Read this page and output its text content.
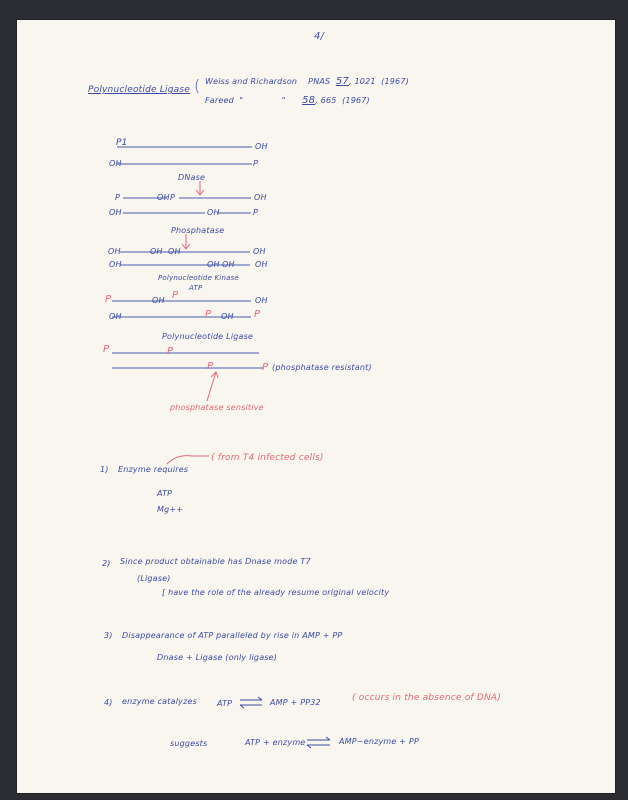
4/
Polynucleotide Ligase ( Weiss and Richardson PNAS 57, 1021 (1967)
Fareed "	" 58, 665 (1967)
P1	OH
OH	P
DNase
P	OH P	OH
OH	OH	P
Phosphatase
OH	OH OH	OH
OH	OH OH	OH
Polynucleotide Kinase
ATP
P	OH P	OH
OH	P OH P
Polynucleotide Ligase
P	P
P	P (phosphatase resistant)
phosphatase sensitive
1) Enzyme requires
( from T4 infected cells)
ATP
Mg++
2) Since product obtainable has Dnase mode T7
(Ligase)
[ have the role of the already resume original velocity
3) Disappearance of ATP paralleled by rise in AMP + PP
Dnase + Ligase (only ligase)
4) enzyme catalyzes	ATP	AMP + PP32	( occurs in the absence of DNA)
suggests	ATP + enzyme	AMP~enzyme + PP
